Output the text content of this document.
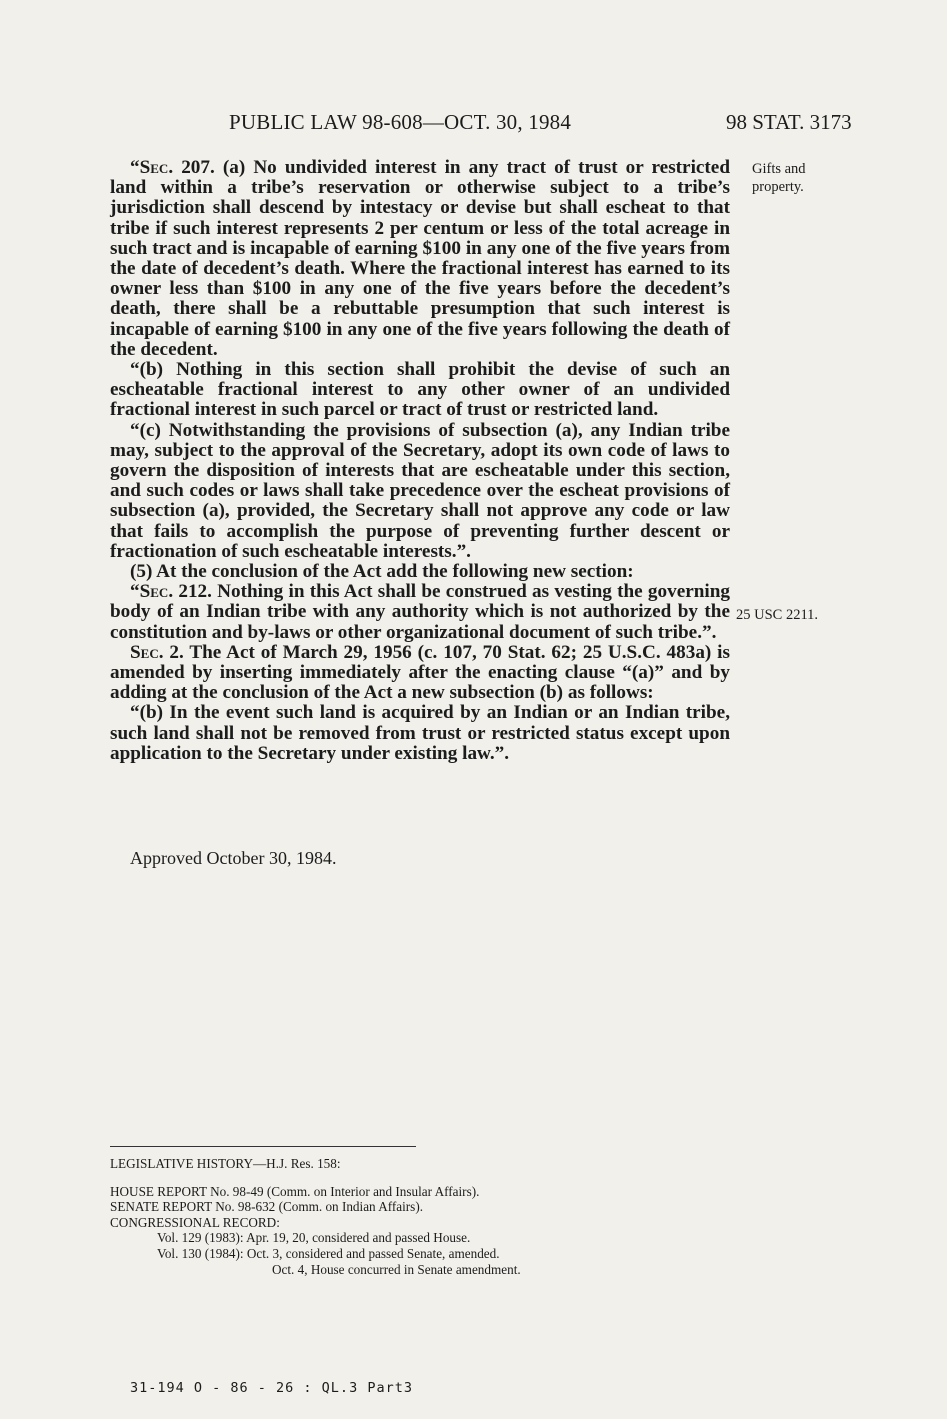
PUBLIC LAW 98-608—OCT. 30, 1984	98 STAT. 3173
Gifts and
property.
25 USC 2211.

“Sec. 207. (a) No undivided interest in any tract of trust or restricted land within a tribe’s reservation or otherwise subject to a tribe’s jurisdiction shall descend by intestacy or devise but shall escheat to that tribe if such interest represents 2 per centum or less of the total acreage in such tract and is incapable of earning $100 in any one of the five years from the date of decedent’s death. Where the fractional interest has earned to its owner less than $100 in any one of the five years before the decedent’s death, there shall be a rebuttable presumption that such interest is incapable of earning $100 in any one of the five years following the death of the decedent.

“(b) Nothing in this section shall prohibit the devise of such an escheatable fractional interest to any other owner of an undivided fractional interest in such parcel or tract of trust or restricted land.

“(c) Notwithstanding the provisions of subsection (a), any Indian tribe may, subject to the approval of the Secretary, adopt its own code of laws to govern the disposition of interests that are escheatable under this section, and such codes or laws shall take precedence over the escheat provisions of subsection (a), provided, the Secretary shall not approve any code or law that fails to accomplish the purpose of preventing further descent or fractionation of such escheatable interests.”.

(5) At the conclusion of the Act add the following new section:

“Sec. 212. Nothing in this Act shall be construed as vesting the governing body of an Indian tribe with any authority which is not authorized by the constitution and by-laws or other organizational document of such tribe.”.

Sec. 2. The Act of March 29, 1956 (c. 107, 70 Stat. 62; 25 U.S.C. 483a) is amended by inserting immediately after the enacting clause “(a)” and by adding at the conclusion of the Act a new subsection (b) as follows:

“(b) In the event such land is acquired by an Indian or an Indian tribe, such land shall not be removed from trust or restricted status except upon application to the Secretary under existing law.”.

Approved October 30, 1984.
LEGISLATIVE HISTORY—H.J. Res. 158:
HOUSE REPORT No. 98-49 (Comm. on Interior and Insular Affairs).
SENATE REPORT No. 98-632 (Comm. on Indian Affairs).
CONGRESSIONAL RECORD:
Vol. 129 (1983): Apr. 19, 20, considered and passed House.
Vol. 130 (1984): Oct. 3, considered and passed Senate, amended.
Oct. 4, House concurred in Senate amendment.
31-194 O - 86 - 26 : QL.3 Part3
